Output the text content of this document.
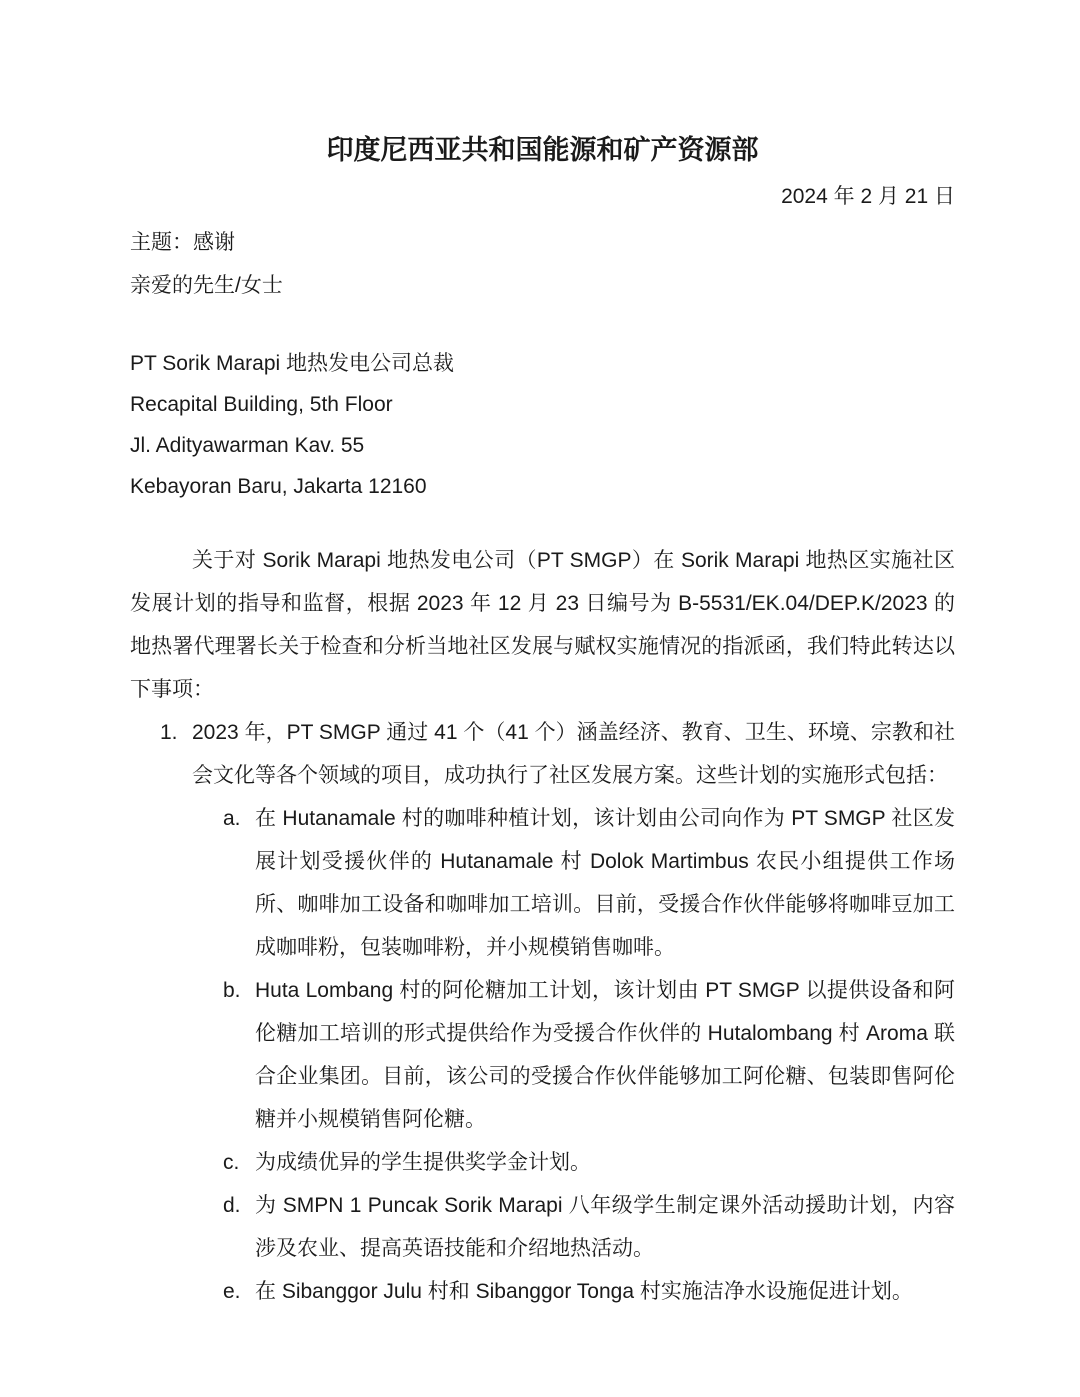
印度尼西亚共和国能源和矿产资源部
2024 年 2 月 21 日
主题：感谢
亲爱的先生/女士
PT Sorik Marapi 地热发电公司总裁
Recapital Building, 5th Floor
Jl. Adityawarman Kav. 55
Kebayoran Baru, Jakarta 12160
关于对 Sorik Marapi 地热发电公司（PT SMGP）在 Sorik Marapi 地热区实施社区发展计划的指导和监督，根据 2023 年 12 月 23 日编号为 B-5531/EK.04/DEP.K/2023 的地热署代理署长关于检查和分析当地社区发展与赋权实施情况的指派函，我们特此转达以下事项：
1. 2023 年，PT SMGP 通过 41 个（41 个）涵盖经济、教育、卫生、环境、宗教和社会文化等各个领域的项目，成功执行了社区发展方案。这些计划的实施形式包括：
a. 在 Hutanamale 村的咖啡种植计划，该计划由公司向作为 PT SMGP 社区发展计划受援伙伴的 Hutanamale 村 Dolok Martimbus 农民小组提供工作场所、咖啡加工设备和咖啡加工培训。目前，受援合作伙伴能够将咖啡豆加工成咖啡粉，包装咖啡粉，并小规模销售咖啡。
b. Huta Lombang 村的阿伦糖加工计划，该计划由 PT SMGP 以提供设备和阿伦糖加工培训的形式提供给作为受援合作伙伴的 Hutalombang 村 Aroma 联合企业集团。目前，该公司的受援合作伙伴能够加工阿伦糖、包装即售阿伦糖并小规模销售阿伦糖。
c. 为成绩优异的学生提供奖学金计划。
d. 为 SMPN 1 Puncak Sorik Marapi 八年级学生制定课外活动援助计划，内容涉及农业、提高英语技能和介绍地热活动。
e. 在 Sibanggor Julu 村和 Sibanggor Tonga 村实施洁净水设施促进计划。
